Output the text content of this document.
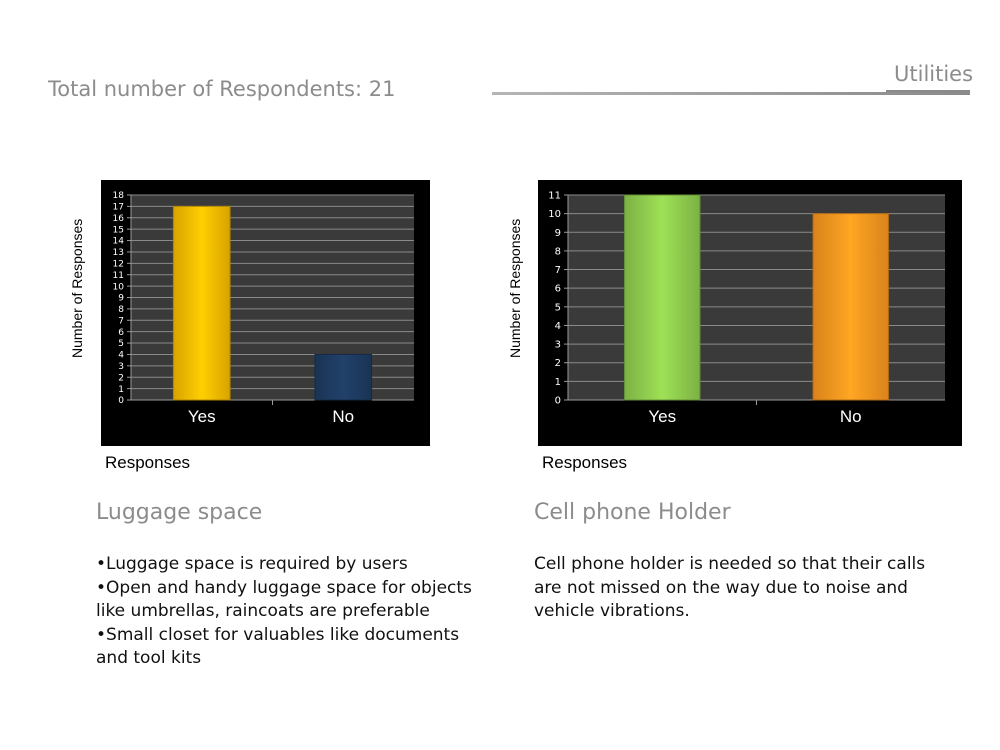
Utilities
Total number of Respondents: 21
0
1
2
3
4
5
6
7
8
9
10
11
12
13
14
15
16
17
18
Yes	No
Number of Responses
Responses
0
1
2
3
4
5
6
7
8
9
10
11
Yes	No
Number of Responses
Responses
Luggage space
•Luggage space is required by users
•Open and handy luggage space for objects like umbrellas, raincoats are preferable
•Small closet for valuables like documents and tool kits
Cell phone Holder
Cell phone holder is needed so that their calls are not missed on the way due to noise and vehicle vibrations.
